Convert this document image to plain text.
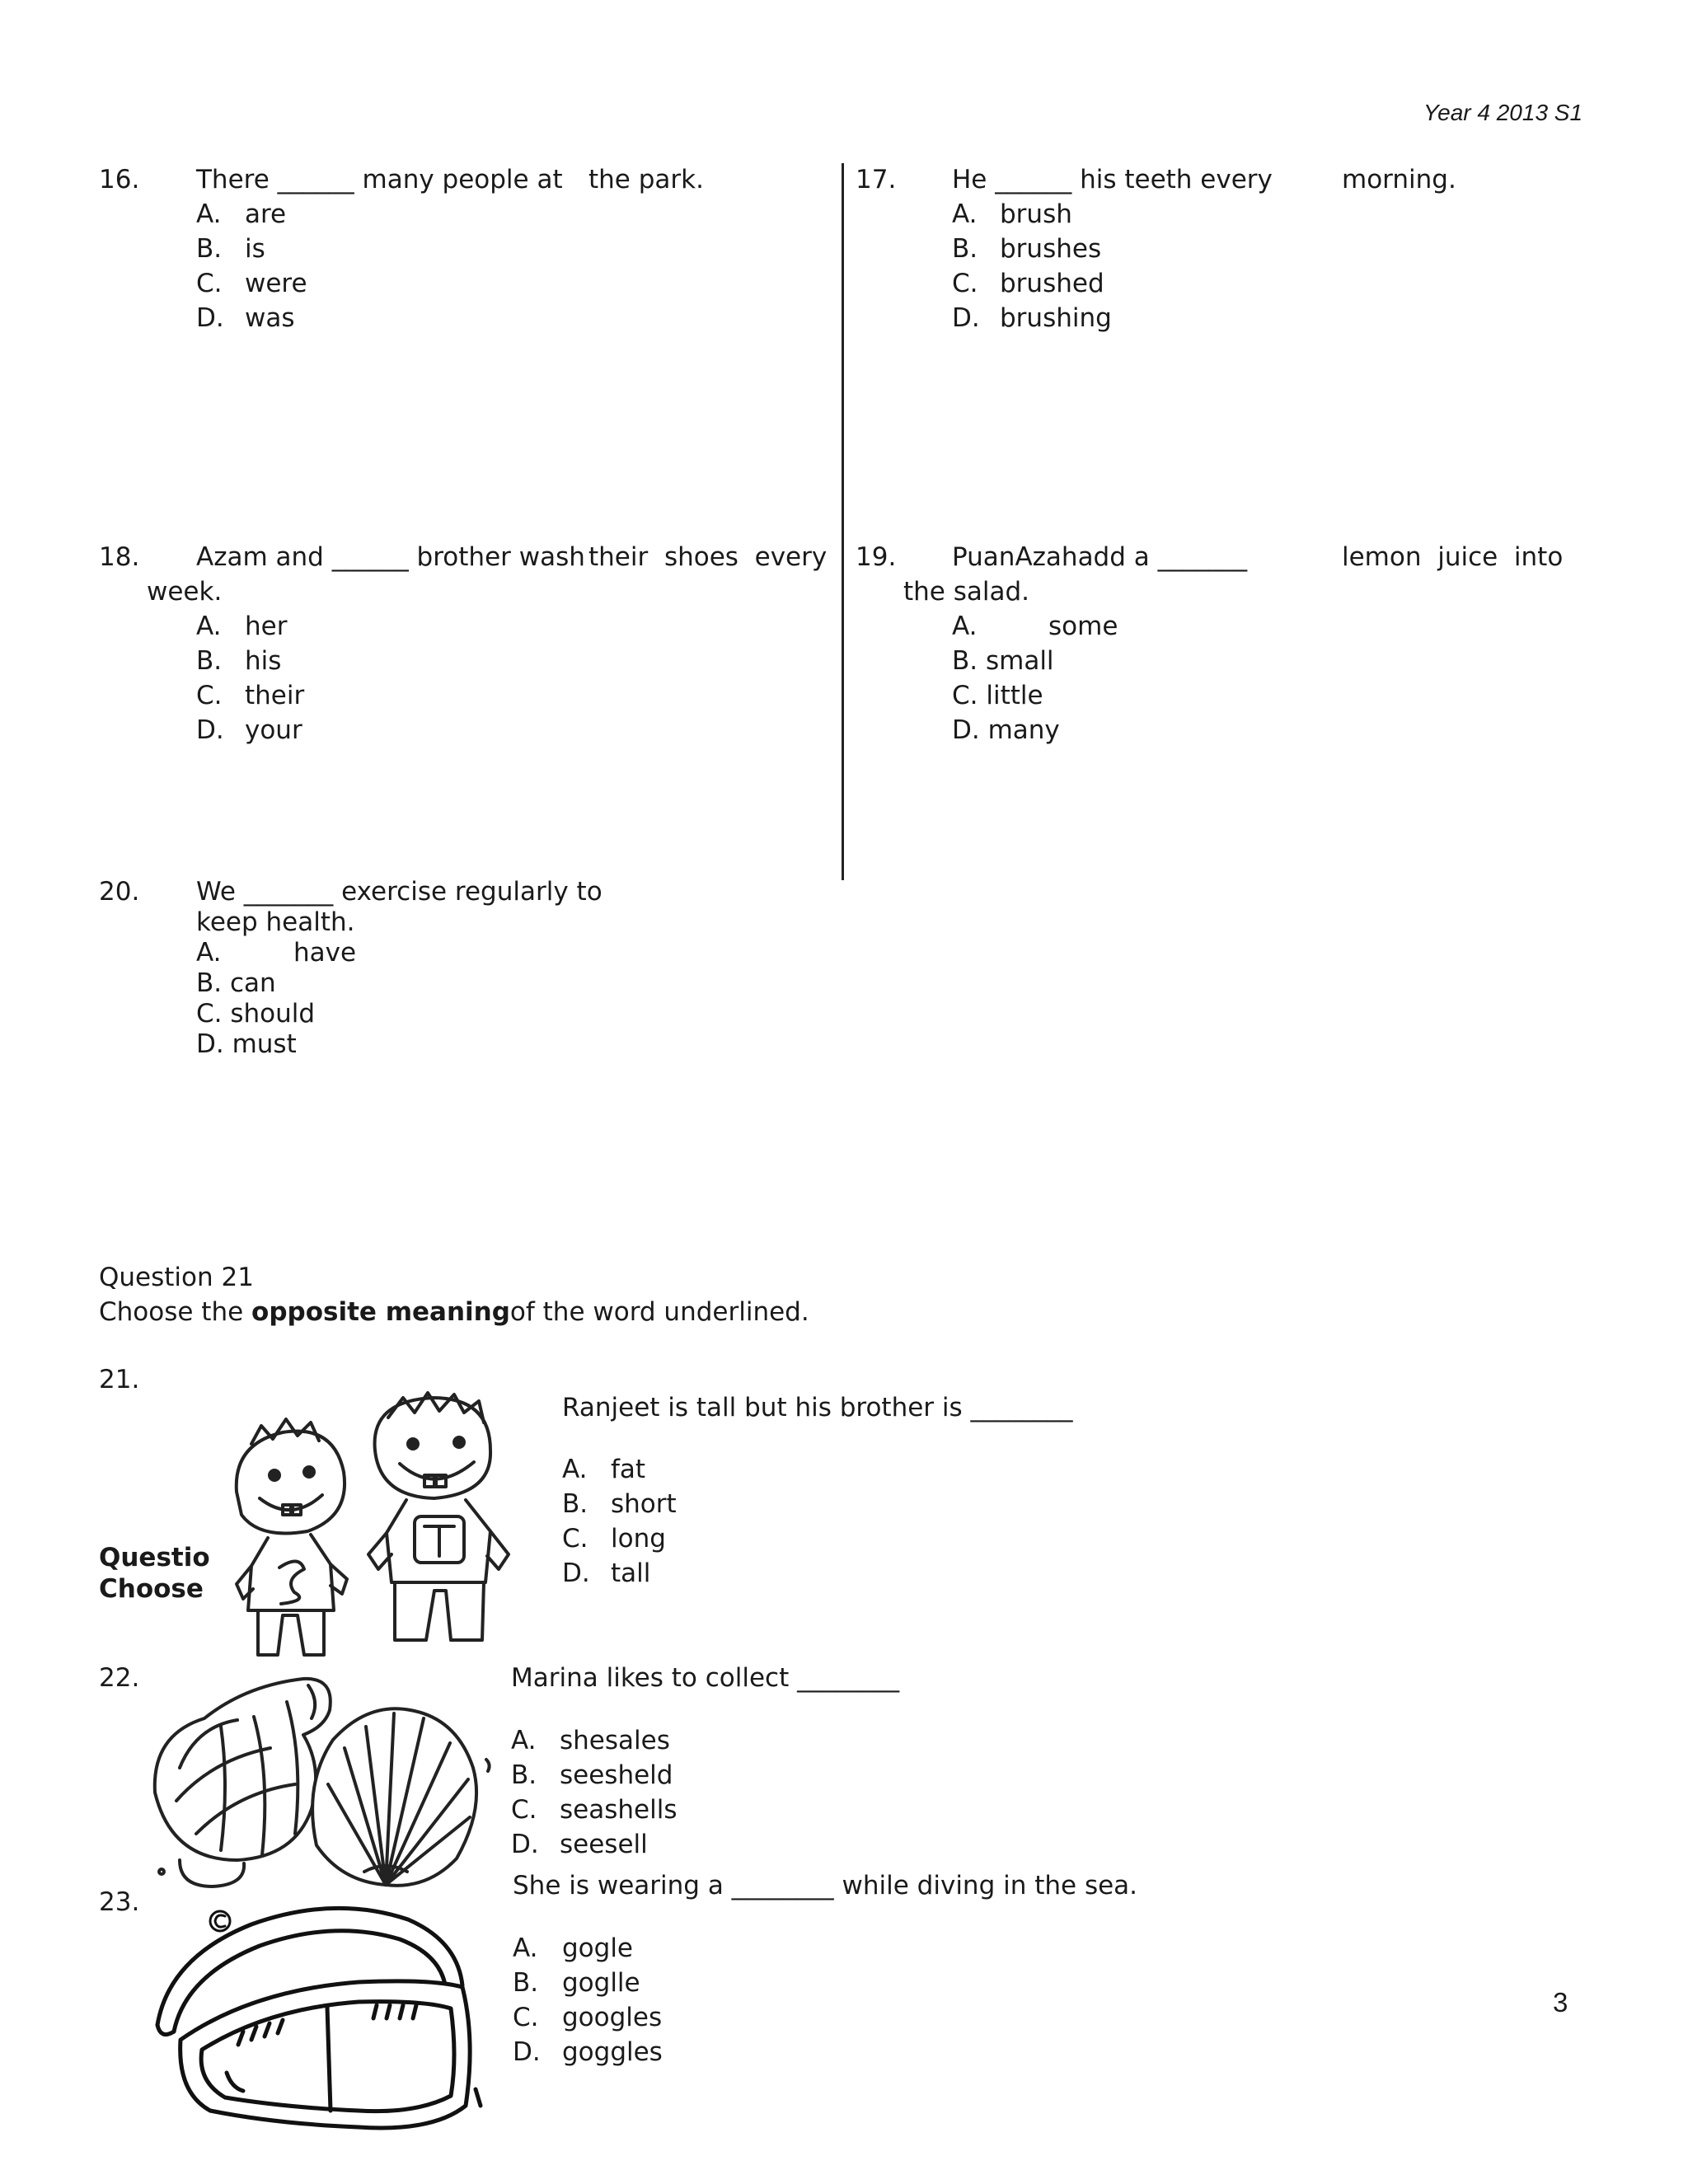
Year 4 2013 S1
16. There ______ many people at the park.
A. are
B. is
C. were
D. was
17. He ______ his teeth every	morning.
A. brush
B. brushes
C. brushed
D. brushing
18. Azam and ______ brother wash their  shoes  every
week.
A. her
B. his
C. their
D. your
19. PuanAzahadd a _______	lemon  juice  into
the salad.
A.	some
B. small
C. little
D. many
20. We _______ exercise regularly to
keep health.
A.	have
B. can
C. should
D. must
Question 21
Choose the opposite meaningof the word underlined.
21.
Questio
Choose
Ranjeet is tall but his brother is ________
A. fat
B. short
C. long
D. tall
22.	Marina likes to collect ________
A. shesales
B. seesheld
C. seashells
D. seesell
23.
She is wearing a ________ while diving in the sea.
A. gogle
B. goglle
C. googles
D. goggles
3
